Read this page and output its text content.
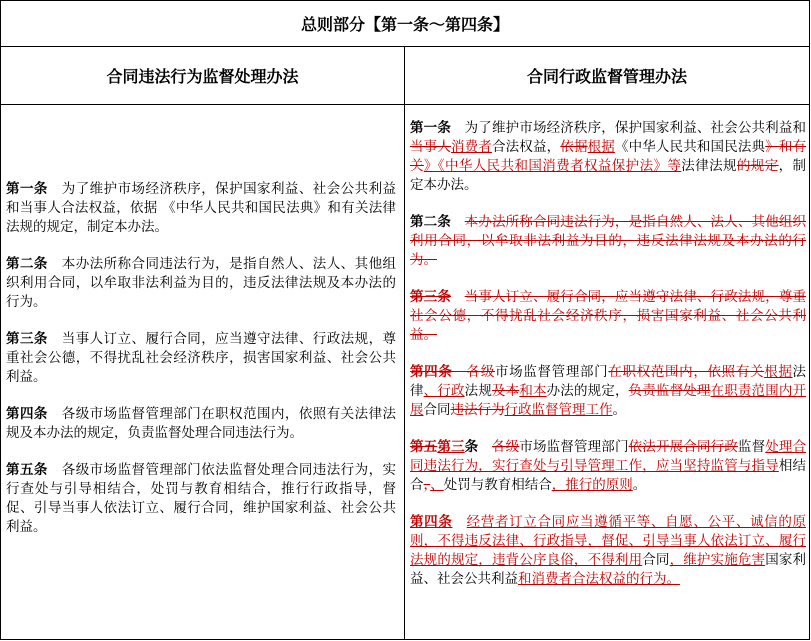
总则部分【第一条～第四条】
合同违法行为监督处理办法	合同行政监督管理办法

第一条　为了维护市场经济秩序，保护国家利益、社会公共利益和当事人合法权益，依据 《中华人民共和国民法典》和有关法律法规的规定，制定本办法。

第二条　本办法所称合同违法行为，是指自然人、法人、其他组织利用合同，以牟取非法利益为目的，违反法律法规及本办法的行为。

第三条　当事人订立、履行合同，应当遵守法律、行政法规，尊重社会公德，不得扰乱社会经济秩序，损害国家利益、社会公共利益。

第四条　各级市场监督管理部门在职权范围内，依照有关法律法规及本办法的规定，负责监督处理合同违法行为。

第五条　各级市场监督管理部门依法监督处理合同违法行为，实行查处与引导相结合，处罚与教育相结合，推行行政指导，督促、引导当事人依法订立、履行合同，维护国家利益、社会公共利益。

第一条　为了维护市场经济秩序，保护国家利益、社会公共利益和当事人消费者合法权益，依据根据《中华人民共和国民法典》和有关》《中华人民共和国消费者权益保护法》等法律法规的规定，制定本办法。

第二条　 本办法所称合同违法行为，是指自然人、法人、其他组织利用合同，以牟取非法利益为目的，违反法律法规及本办法的行为。

第三条　 当事人订立、履行合同，应当遵守法律、行政法规，尊重社会公德，不得扰乱社会经济秩序，损害国家利益、社会公共利益。

第四条　各级市场监督管理部门在职权范围内，依照有关根据法律、行政法规及本和本办法的规定，负责监督处理在职责范围内开展合同违法行为行政监督管理工作。

第五第三条　 各级市场监督管理部门依法开展合同行政监督处理合同违法行为，实行查处与引导管理工作，应当坚持监管与指导相结合，、处罚与教育相结合，推行的原则。

第四条　 经营者订立合同应当遵循平等、自愿、公平、诚信的原则，不得违反法律、行政指导，督促、引导当事人依法订立、履行法规的规定，违背公序良俗，不得利用合同，维护实施危害国家利益、社会公共利益和消费者合法权益的行为。
